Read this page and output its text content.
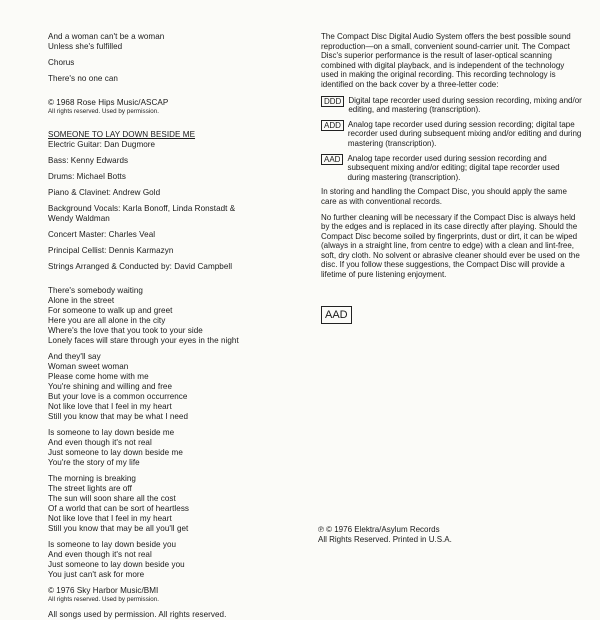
And a woman can't be a woman
Unless she's fulfilled
Chorus
There's no one can
© 1968 Rose Hips Music/ASCAP
All rights reserved. Used by permission.
SOMEONE TO LAY DOWN BESIDE ME
Electric Guitar: Dan Dugmore
Bass: Kenny Edwards
Drums: Michael Botts
Piano & Clavinet: Andrew Gold
Background Vocals: Karla Bonoff, Linda Ronstadt &
Wendy Waldman
Concert Master: Charles Veal
Principal Cellist: Dennis Karmazyn
Strings Arranged & Conducted by: David Campbell
There's somebody waiting
Alone in the street
For someone to walk up and greet
Here you are all alone in the city
Where's the love that you took to your side
Lonely faces will stare through your eyes in the night
And they'll say
Woman sweet woman
Please come home with me
You're shining and willing and free
But your love is a common occurrence
Not like love that I feel in my heart
Still you know that may be what I need
Is someone to lay down beside me
And even though it's not real
Just someone to lay down beside me
You're the story of my life
The morning is breaking
The street lights are off
The sun will soon share all the cost
Of a world that can be sort of heartless
Not like love that I feel in my heart
Still you know that may be all you'll get
Is someone to lay down beside you
And even though it's not real
Just someone to lay down beside you
You just can't ask for more
© 1976 Sky Harbor Music/BMI
All rights reserved. Used by permission.
All songs used by permission. All rights reserved.
The Compact Disc Digital Audio System offers the best possible sound reproduction—on a small, convenient sound-carrier unit. The Compact Disc's superior performance is the result of laser-optical scanning combined with digital playback, and is independent of the technology used in making the original recording. This recording technology is identified on the back cover by a three-letter code:
DDD Digital tape recorder used during session recording, mixing and/or editing, and mastering (transcription).
ADD Analog tape recorder used during session recording; digital tape recorder used during subsequent mixing and/or editing and during mastering (transcription).
AAD Analog tape recorder used during session recording and subsequent mixing and/or editing; digital tape recorder used during mastering (transcription).
In storing and handling the Compact Disc, you should apply the same care as with conventional records.
No further cleaning will be necessary if the Compact Disc is always held by the edges and is replaced in its case directly after playing. Should the Compact Disc become soiled by fingerprints, dust or dirt, it can be wiped (always in a straight line, from centre to edge) with a clean and lint-free, soft, dry cloth. No solvent or abrasive cleaner should ever be used on the disc. If you follow these suggestions, the Compact Disc will provide a lifetime of pure listening enjoyment.
AAD
℗ © 1976 Elektra/Asylum Records
All Rights Reserved. Printed in U.S.A.
